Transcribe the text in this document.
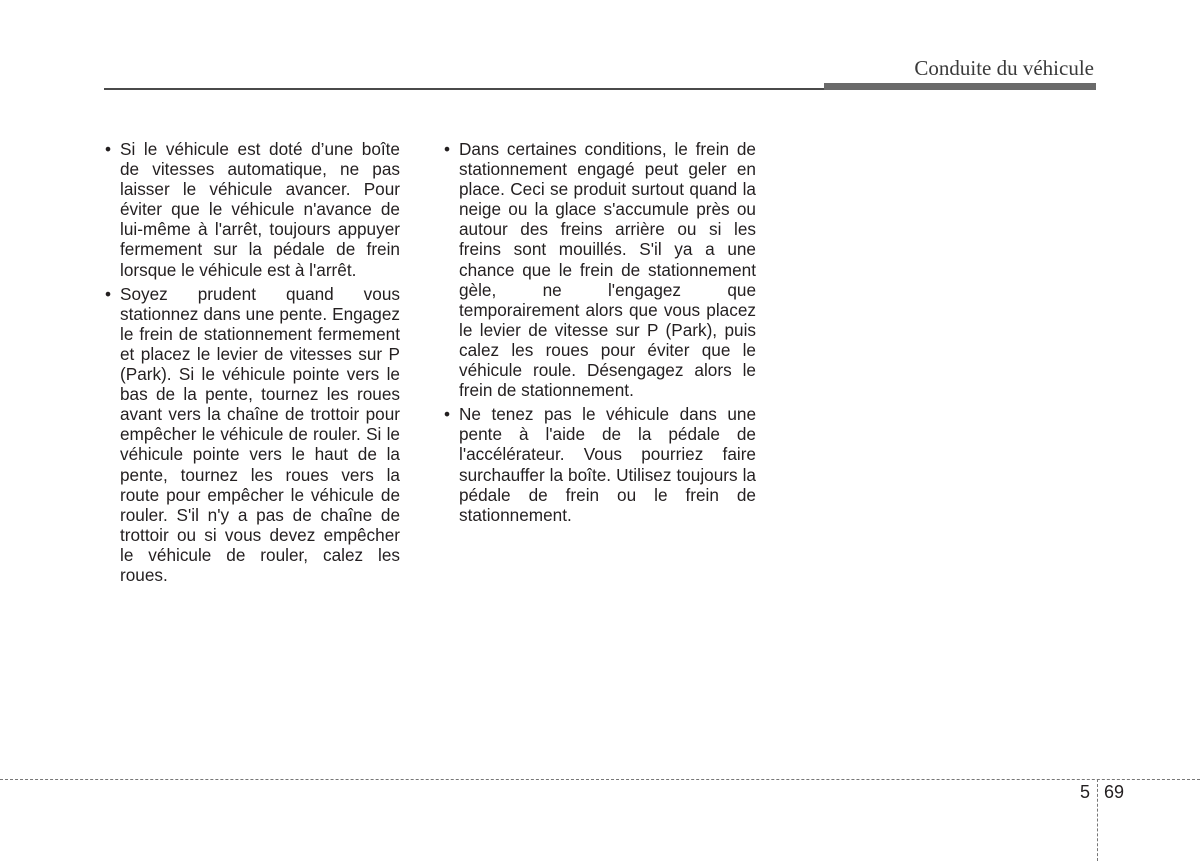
Conduite du véhicule

• Si le véhicule est doté d’une boîte de vitesses automatique, ne pas laisser le véhicule avancer. Pour éviter que le véhicule n'avance de lui-même à l'arrêt, toujours appuyer fermement sur la pédale de frein lorsque le véhicule est à l'arrêt.

• Soyez prudent quand vous stationnez dans une pente. Engagez le frein de stationnement fermement et placez le levier de vitesses sur P (Park). Si le véhicule pointe vers le bas de la pente, tournez les roues avant vers la chaîne de trottoir pour empêcher le véhicule de rouler. Si le véhicule pointe vers le haut de la pente, tournez les roues vers la route pour empêcher le véhicule de rouler. S'il n'y a pas de chaîne de trottoir ou si vous devez empêcher le véhicule de rouler, calez les roues.

• Dans certaines conditions, le frein de stationnement engagé peut geler en place. Ceci se produit surtout quand la neige ou la glace s'accumule près ou autour des freins arrière ou si les freins sont mouillés. S'il ya a une chance que le frein de stationnement gèle, ne l'engagez que temporairement alors que vous placez le levier de vitesse sur P (Park), puis calez les roues pour éviter que le véhicule roule. Désengagez alors le frein de stationnement.

• Ne tenez pas le véhicule dans une pente à l'aide de la pédale de l'accélérateur. Vous pourriez faire surchauffer la boîte. Utilisez toujours la pédale de frein ou le frein de stationnement.

5 69
